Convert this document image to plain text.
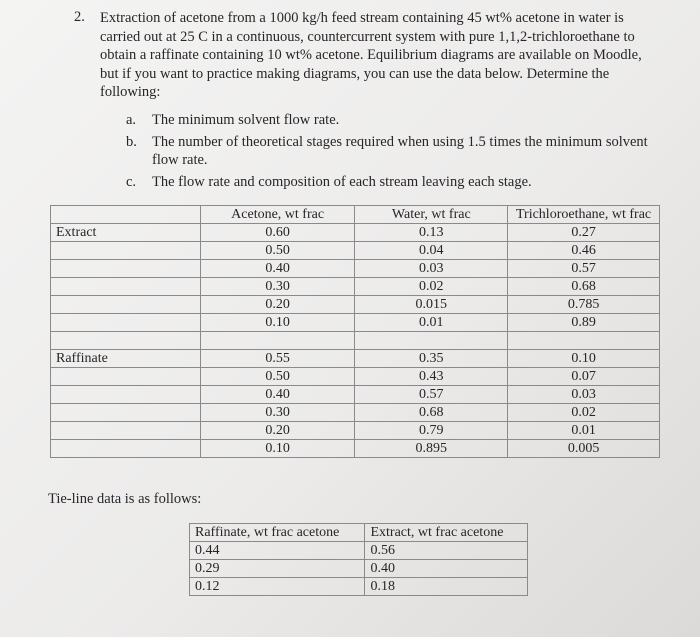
2. Extraction of acetone from a 1000 kg/h feed stream containing 45 wt% acetone in water is
carried out at 25 C in a continuous, countercurrent system with pure 1,1,2-trichloroethane to
obtain a raffinate containing 10 wt% acetone. Equilibrium diagrams are available on Moodle,
but if you want to practice making diagrams, you can use the data below. Determine the
following:
a. The minimum solvent flow rate.
b. The number of theoretical stages required when using 1.5 times the minimum solvent
flow rate.
c. The flow rate and composition of each stream leaving each stage.
	Acetone, wt frac	Water, wt frac	Trichloroethane, wt frac
Extract	0.60	0.13	0.27
	0.50	0.04	0.46
	0.40	0.03	0.57
	0.30	0.02	0.68
	0.20	0.015	0.785
	0.10	0.01	0.89

Raffinate	0.55	0.35	0.10
	0.50	0.43	0.07
	0.40	0.57	0.03
	0.30	0.68	0.02
	0.20	0.79	0.01
	0.10	0.895	0.005
Tie-line data is as follows:
Raffinate, wt frac acetone	Extract, wt frac acetone
0.44	0.56
0.29	0.40
0.12	0.18
